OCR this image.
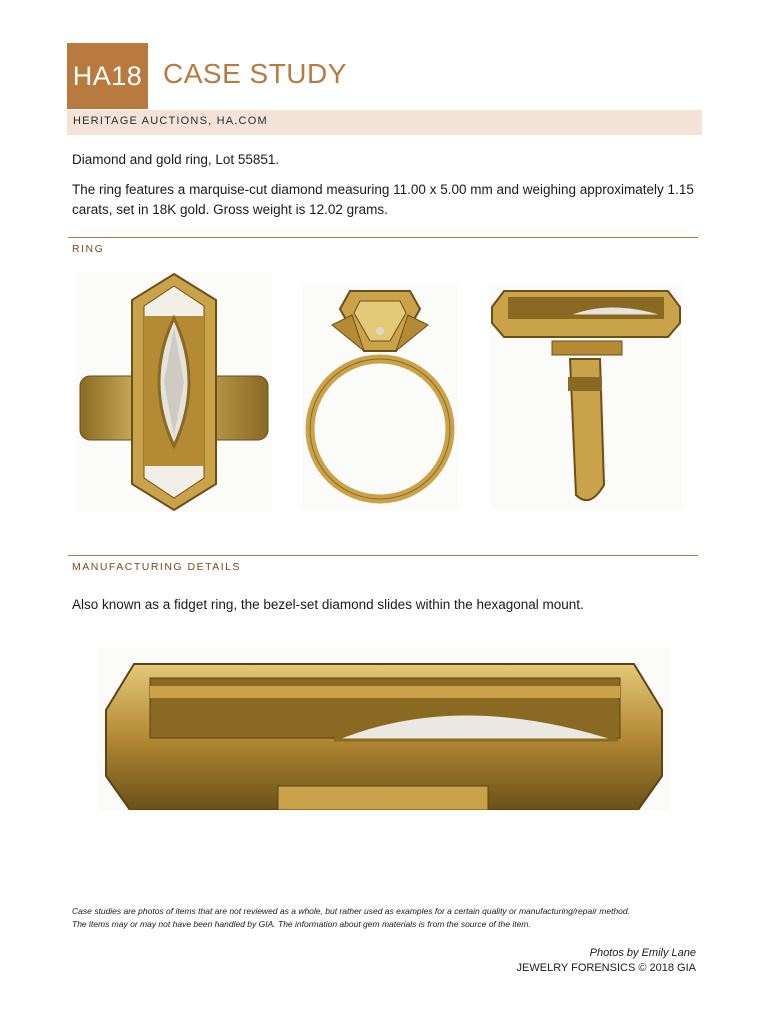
HA18 CASE STUDY
HERITAGE AUCTIONS, HA.COM

Diamond and gold ring, Lot 55851.

The ring features a marquise-cut diamond measuring 11.00 x 5.00 mm and weighing approximately 1.15 carats, set in 18K gold. Gross weight is 12.02 grams.

RING
MANUFACTURING DETAILS
Also known as a fidget ring, the bezel-set diamond slides within the hexagonal mount.
Case studies are photos of items that are not reviewed as a whole, but rather used as examples for a certain quality or manufacturing/repair method.
The items may or may not have been handled by GIA. The information about gem materials is from the source of the item.
Photos by Emily Lane
JEWELRY FORENSICS © 2018 GIA
